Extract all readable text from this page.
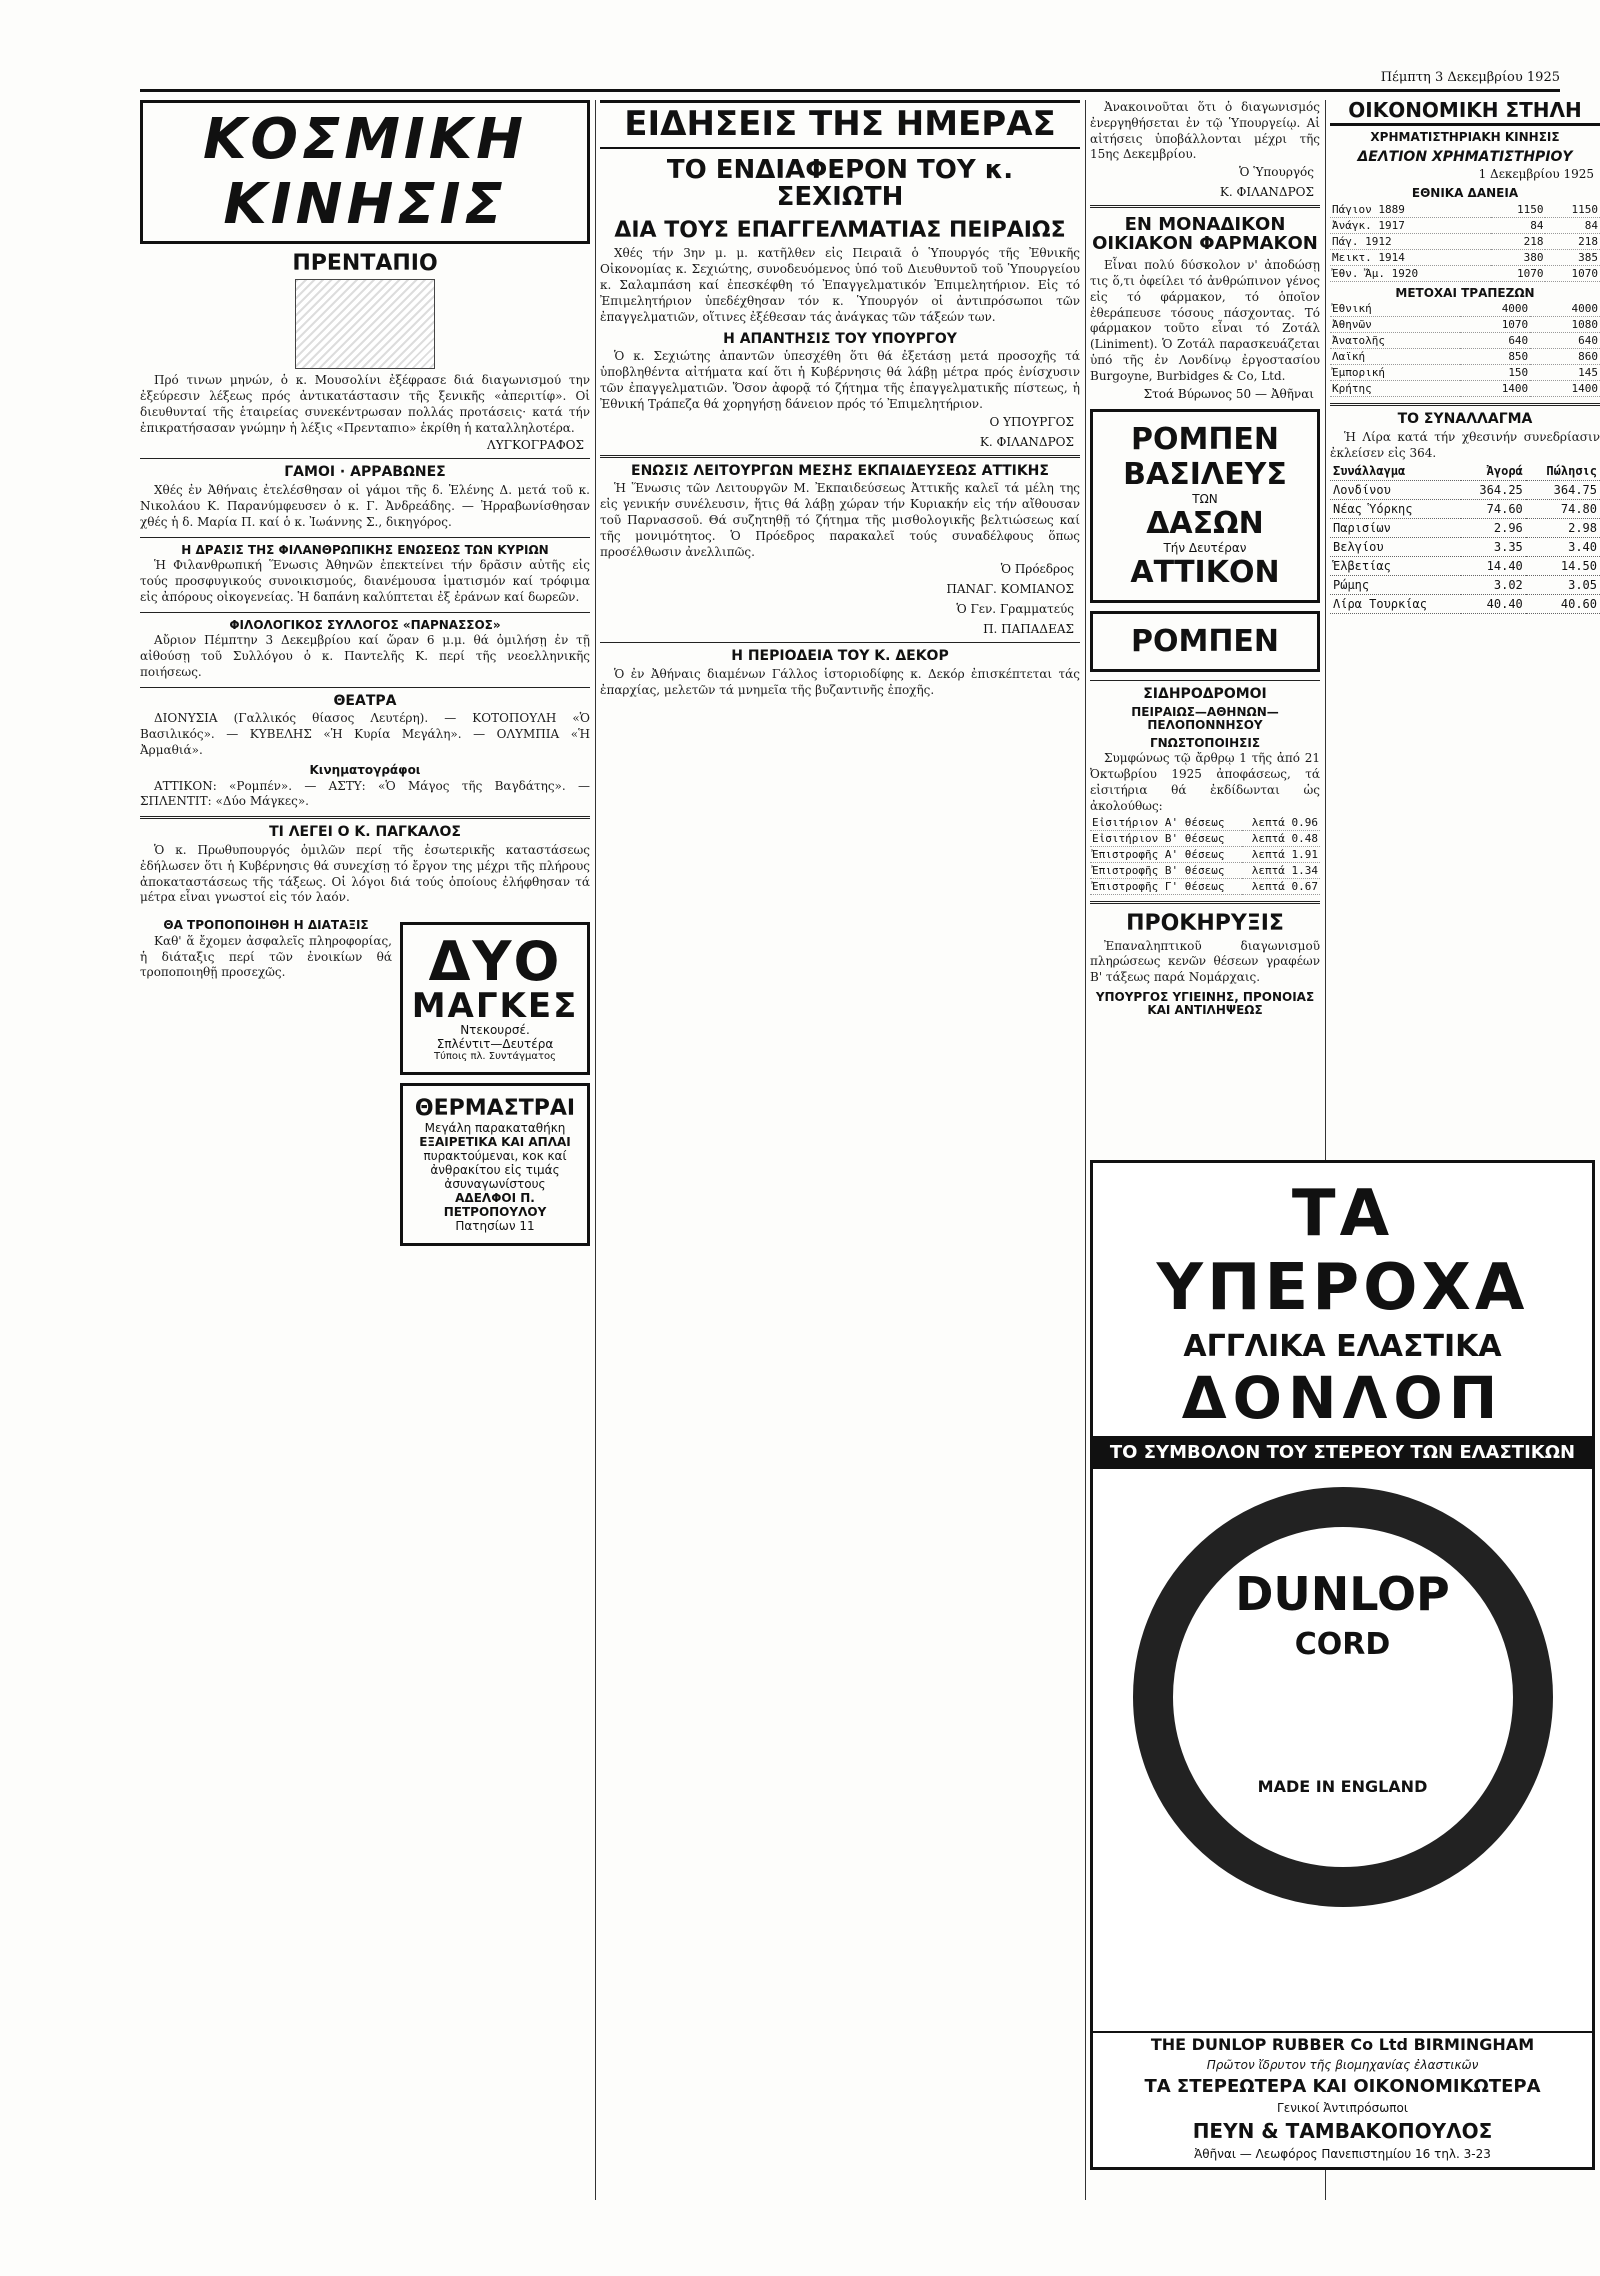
Πέμπτη 3 Δεκεμβρίου 1925
ΚΟΣΜΙΚΗ ΚΙΝΗΣΙΣ
ΠΡΕΝΤΑΠΙΟ

Πρό τινων μηνών, ὁ κ. Μουσολίνι ἐξέφρασε διά διαγωνισμού την ἐξεύρεσιν λέξεως πρός ἀντικατάστασιν τῆς ξενικῆς «ἀπεριτίφ». Οἱ διευθυνταί τῆς ἑταιρείας συνεκέντρωσαν πολλάς προτάσεις· κατά τήν ἐπικρατήσασαν γνώμην ἡ λέξις «Πρενταπιο» ἐκρίθη ἡ καταλληλοτέρα.

ΛΥΓΚΟΓΡΑΦΟΣ
ΓΑΜΟΙ · ΑΡΡΑΒΩΝΕΣ

Χθές ἐν Ἀθήναις ἐτελέσθησαν οἱ γάμοι τῆς δ. Ἑλένης Δ. μετά τοῦ κ. Νικολάου Κ. Παρανύμφευσεν ὁ κ. Γ. Ἀνδρεάδης. — Ἠρραβωνίσθησαν χθές ἡ δ. Μαρία Π. καί ὁ κ. Ἰωάννης Σ., δικηγόρος.

Η ΔΡΑΣΙΣ ΤΗΣ ΦΙΛΑΝΘΡΩΠΙΚΗΣ ΕΝΩΣΕΩΣ ΤΩΝ ΚΥΡΙΩΝ

Ἡ Φιλανθρωπική Ἕνωσις Ἀθηνῶν ἐπεκτείνει τήν δρᾶσιν αὐτῆς εἰς τούς προσφυγικούς συνοικισμούς, διανέμουσα ἱματισμόν καί τρόφιμα εἰς ἀπόρους οἰκογενείας. Ἡ δαπάνη καλύπτεται ἐξ ἐράνων καί δωρεῶν.

ΦΙΛΟΛΟΓΙΚΟΣ ΣΥΛΛΟΓΟΣ «ΠΑΡΝΑΣΣΟΣ»

Αὔριον Πέμπτην 3 Δεκεμβρίου καί ὥραν 6 μ.μ. θά ὁμιλήσῃ ἐν τῇ αἰθούσῃ τοῦ Συλλόγου ὁ κ. Παντελῆς Κ. περί τῆς νεοελληνικῆς ποιήσεως.

ΘΕΑΤΡΑ

ΔΙΟΝΥΣΙΑ (Γαλλικός θίασος Λευτέρη). — ΚΟΤΟΠΟΥΛΗ «Ὁ Βασιλικός». — ΚΥΒΕΛΗΣ «Ἡ Κυρία Μεγάλη». — ΟΛΥΜΠΙΑ «Ἡ Ἀρμαθιά».

Κινηματογράφοι

ΑΤΤΙΚΟΝ: «Ρομπέν». — ΑΣΤΥ: «Ὁ Μάγος τῆς Βαγδάτης». — ΣΠΛΕΝΤΙΤ: «Δύο Μάγκες».

ΤΙ ΛΕΓΕΙ Ο Κ. ΠΑΓΚΑΛΟΣ

Ὁ κ. Πρωθυπουργός ὁμιλῶν περί τῆς ἐσωτερικῆς καταστάσεως ἐδήλωσεν ὅτι ἡ Κυβέρνησις θά συνεχίσῃ τό ἔργον της μέχρι τῆς πλήρους ἀποκαταστάσεως τῆς τάξεως. Οἱ λόγοι διά τούς ὁποίους ἐλήφθησαν τά μέτρα εἶναι γνωστοί εἰς τόν λαόν.

ΘΑ ΤΡΟΠΟΠΟΙΗΘΗ Η ΔΙΑΤΑΞΙΣ

Καθ' ἅ ἔχομεν ἀσφαλεῖς πληροφορίας, ἡ διάταξις περί τῶν ἐνοικίων θά τροποποιηθῇ προσεχῶς.	ΔΥΟ
ΜΑΓΚΕΣ
Ντεκουρσέ.
Σπλέντιτ—Δευτέρα
Τύποις πλ. Συντάγματος
ΘΕΡΜΑΣΤΡΑΙ
Μεγάλη παρακαταθήκη
ΕΞΑΙΡΕΤΙΚΑ ΚΑΙ ΑΠΛΑΙ
πυρακτούμεναι, κοκ καί ἀνθρακίτου εἰς τιμάς ἀσυναγωνίστους
ΑΔΕΛΦΟΙ Π. ΠΕΤΡΟΠΟΥΛΟΥ
Πατησίων 11
ΕΙΔΗΣΕΙΣ ΤΗΣ ΗΜΕΡΑΣ
ΤΟ ΕΝΔΙΑΦΕΡΟΝ ΤΟΥ κ. ΣΕΧΙΩΤΗ
ΔΙΑ ΤΟΥΣ ΕΠΑΓΓΕΛΜΑΤΙΑΣ ΠΕΙΡΑΙΩΣ

Χθές τήν 3ην μ. μ. κατῆλθεν εἰς Πειραιᾶ ὁ Ὑπουργός τῆς Ἐθνικῆς Οἰκονομίας κ. Σεχιώτης, συνοδευόμενος ὑπό τοῦ Διευθυντοῦ τοῦ Ὑπουργείου κ. Σαλαμπάση καί ἐπεσκέφθη τό Ἐπαγγελματικόν Ἐπιμελητήριον. Εἰς τό Ἐπιμελητήριον ὑπεδέχθησαν τόν κ. Ὑπουργόν οἱ ἀντιπρόσωποι τῶν ἐπαγγελματιῶν, οἵτινες ἐξέθεσαν τάς ἀνάγκας τῶν τάξεών των.

Η ΑΠΑΝΤΗΣΙΣ ΤΟΥ ΥΠΟΥΡΓΟΥ

Ὁ κ. Σεχιώτης ἀπαντῶν ὑπεσχέθη ὅτι θά ἐξετάσῃ μετά προσοχῆς τά ὑποβληθέντα αἰτήματα καί ὅτι ἡ Κυβέρνησις θά λάβῃ μέτρα πρός ἐνίσχυσιν τῶν ἐπαγγελματιῶν. Ὅσον ἀφορᾷ τό ζήτημα τῆς ἐπαγγελματικῆς πίστεως, ἡ Ἐθνική Τράπεζα θά χορηγήσῃ δάνειον πρός τό Ἐπιμελητήριον.

Ο ΥΠΟΥΡΓΟΣ
Κ. ΦΙΛΑΝΔΡΟΣ
ΕΝΩΣΙΣ ΛΕΙΤΟΥΡΓΩΝ ΜΕΣΗΣ ΕΚΠΑΙΔΕΥΣΕΩΣ ΑΤΤΙΚΗΣ

Ἡ Ἕνωσις τῶν Λειτουργῶν Μ. Ἐκπαιδεύσεως Ἀττικῆς καλεῖ τά μέλη της εἰς γενικήν συνέλευσιν, ἥτις θά λάβῃ χώραν τήν Κυριακήν εἰς τήν αἴθουσαν τοῦ Παρνασσοῦ. Θά συζητηθῇ τό ζήτημα τῆς μισθολογικῆς βελτιώσεως καί τῆς μονιμότητος. Ὁ Πρόεδρος παρακαλεῖ τούς συναδέλφους ὅπως προσέλθωσιν ἀνελλιπῶς.

Ὁ Πρόεδρος
ΠΑΝΑΓ. ΚΟΜΙΑΝΟΣ
Ὁ Γεν. Γραμματεύς
Π. ΠΑΠΑΔΕΑΣ
Η ΠΕΡΙΟΔΕΙΑ ΤΟΥ Κ. ΔΕΚΟΡ

Ὁ ἐν Ἀθήναις διαμένων Γάλλος ἱστοριοδίφης κ. Δεκόρ ἐπισκέπτεται τάς ἐπαρχίας, μελετῶν τά μνημεῖα τῆς βυζαντινῆς ἐποχῆς.

Ἀνακοινοῦται ὅτι ὁ διαγωνισμός ἐνεργηθήσεται ἐν τῷ Ὑπουργείῳ. Αἱ αἰτήσεις ὑποβάλλονται μέχρι τῆς 15ης Δεκεμβρίου.

Ὁ Ὑπουργός
Κ. ΦΙΛΑΝΔΡΟΣ
ΕΝ ΜΟΝΑΔΙΚΟΝ ΟΙΚΙΑΚΟΝ ΦΑΡΜΑΚΟΝ

Εἶναι πολύ δύσκολον ν' ἀποδώσῃ τις ὅ,τι ὀφείλει τό ἀνθρώπινον γένος εἰς τό φάρμακον, τό ὁποῖον ἐθεράπευσε τόσους πάσχοντας. Τό φάρμακον τοῦτο εἶναι τό Ζοτάλ (Liniment). Ὁ Ζοτάλ παρασκευάζεται ὑπό τῆς ἐν Λονδίνῳ ἐργοστασίου Burgoyne, Burbidges & Co, Ltd.

Στοά Βύρωνος 50 — Ἀθῆναι
ΡΟΜΠΕΝ
ΒΑΣΙΛΕΥΣ
ΤΩΝ
ΔΑΣΩΝ
Τήν Δευτέραν
ΑΤΤΙΚΟΝ
ΡΟΜΠΕΝ
ΣΙΔΗΡΟΔΡΟΜΟΙ
ΠΕΙΡΑΙΩΣ—ΑΘΗΝΩΝ—ΠΕΛΟΠΟΝΝΗΣΟΥ
ΓΝΩΣΤΟΠΟΙΗΣΙΣ

Συμφώνως τῷ ἄρθρῳ 1 τῆς ἀπό 21 Ὀκτωβρίου 1925 ἀποφάσεως, τά εἰσιτήρια θά ἐκδίδωνται ὡς ἀκολούθως:

Εἰσιτήριον Α' θέσεως	λεπτά 0.96
Εἰσιτήριον Β' θέσεως	λεπτά 0.48
Ἐπιστροφῆς Α' θέσεως	λεπτά 1.91
Ἐπιστροφῆς Β' θέσεως	λεπτά 1.34
Ἐπιστροφῆς Γ' θέσεως	λεπτά 0.67
ΠΡΟΚΗΡΥΞΙΣ

Ἐπαναληπτικοῦ διαγωνισμοῦ πληρώσεως κενῶν θέσεων γραφέων Β' τάξεως παρά Νομάρχαις.

ΥΠΟΥΡΓΟΣ ΥΓΙΕΙΝΗΣ, ΠΡΟΝΟΙΑΣ ΚΑΙ ΑΝΤΙΛΗΨΕΩΣ
ΟΙΚΟΝΟΜΙΚΗ ΣΤΗΛΗ
ΧΡΗΜΑΤΙΣΤΗΡΙΑΚΗ ΚΙΝΗΣΙΣ
ΔΕΛΤΙΟΝ ΧΡΗΜΑΤΙΣΤΗΡΙΟΥ
1 Δεκεμβρίου 1925
ΕΘΝΙΚΑ ΔΑΝΕΙΑ
Πάγιον 1889	1150	1150
Ἀνάγκ. 1917	84	84
Πάγ. 1912	218	218
Μεικτ. 1914	380	385
Ἐθν. Ἄμ. 1920	1070	1070
ΜΕΤΟΧΑΙ ΤΡΑΠΕΖΩΝ
Ἐθνική	4000	4000
Ἀθηνῶν	1070	1080
Ἀνατολῆς	640	640
Λαϊκή	850	860
Ἐμπορική	150	145
Κρήτης	1400	1400
ΤΟ ΣΥΝΑΛΛΑΓΜΑ

Ἡ Λίρα κατά τήν χθεσινήν συνεδρίασιν ἐκλείσεν εἰς 364.

Συνάλλαγμα	Ἀγορά	Πώλησις
Λονδίνου	364.25	364.75
Νέας Ὑόρκης	74.60	74.80
Παρισίων	2.96	2.98
Βελγίου	3.35	3.40
Ἑλβετίας	14.40	14.50
Ρώμης	3.02	3.05
Λίρα Τουρκίας	40.40	40.60
ΤΑ ΥΠΕΡΟΧΑ
ΑΓΓΛΙΚΑ ΕΛΑΣΤΙΚΑ
ΔΟΝΛΟΠ
ΤΟ ΣΥΜΒΟΛΟΝ ΤΟΥ ΣΤΕΡΕΟΥ ΤΩΝ ΕΛΑΣΤΙΚΩΝ
DUNLOP
CORD
MADE IN ENGLAND
THE DUNLOP RUBBER Co Ltd BIRMINGHAM
Πρῶτον ἴδρυτον τῆς βιομηχανίας ἐλαστικῶν
ΤΑ ΣΤΕΡΕΩΤΕΡΑ ΚΑΙ ΟΙΚΟΝΟΜΙΚΩΤΕΡΑ
Γενικοί Ἀντιπρόσωποι
ΠΕΥΝ & ΤΑΜΒΑΚΟΠΟΥΛΟΣ
Ἀθῆναι — Λεωφόρος Πανεπιστημίου 16 τηλ. 3-23
